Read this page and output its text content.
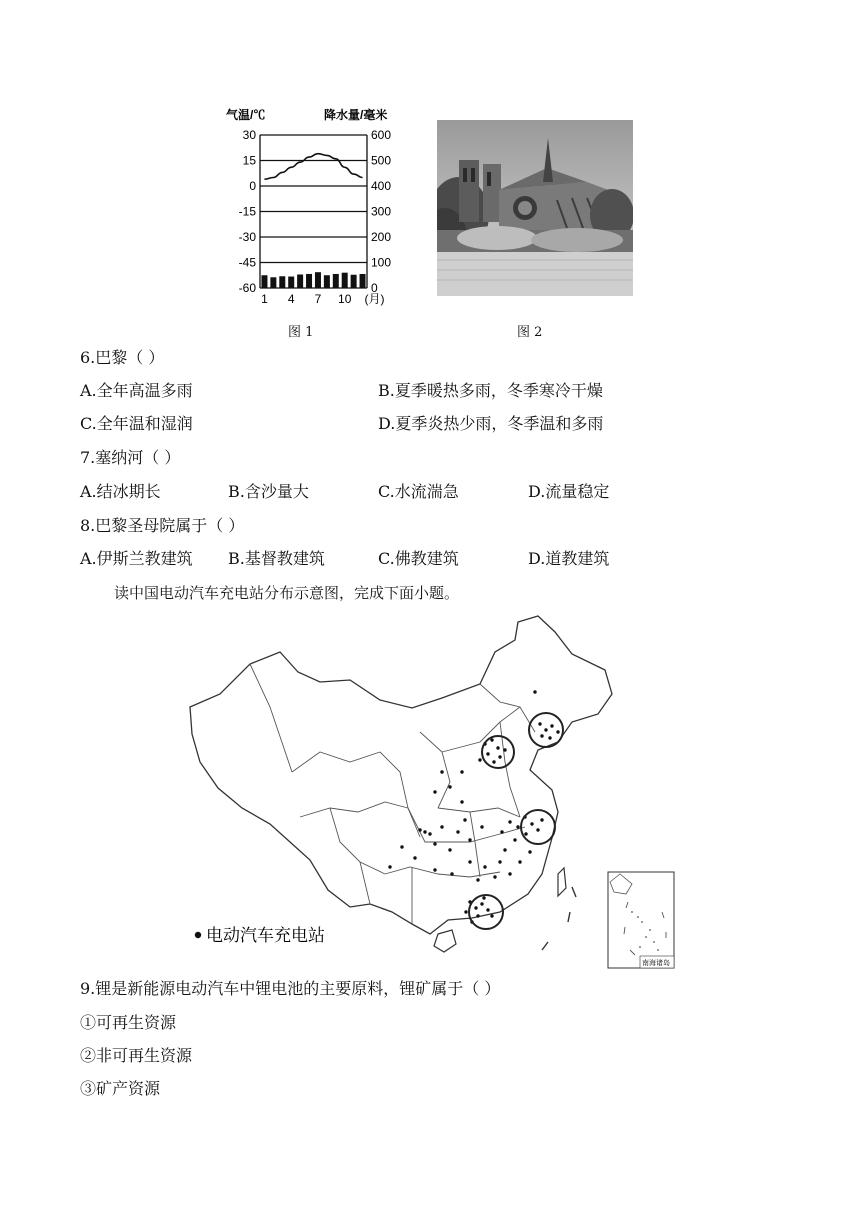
气温/℃	降水量/毫米
30	600
15	500
0	400
-15	300
-30	200
-45	100
-60	0
1 4 7 10 (月)
图 1	图 2
6.巴黎（ ）
A.全年高温多雨	B.夏季暖热多雨，冬季寒冷干燥
C.全年温和湿润	D.夏季炎热少雨，冬季温和多雨
7.塞纳河（ ）
A.结冰期长	B.含沙量大	C.水流湍急	D.流量稳定
8.巴黎圣母院属于（ ）
A.伊斯兰教建筑 B.基督教建筑	C.佛教建筑	D.道教建筑
读中国电动汽车充电站分布示意图，完成下面小题。
电动汽车充电站
南海诸岛
9.锂是新能源电动汽车中锂电池的主要原料，锂矿属于（ ）
①可再生资源
②非可再生资源
③矿产资源
